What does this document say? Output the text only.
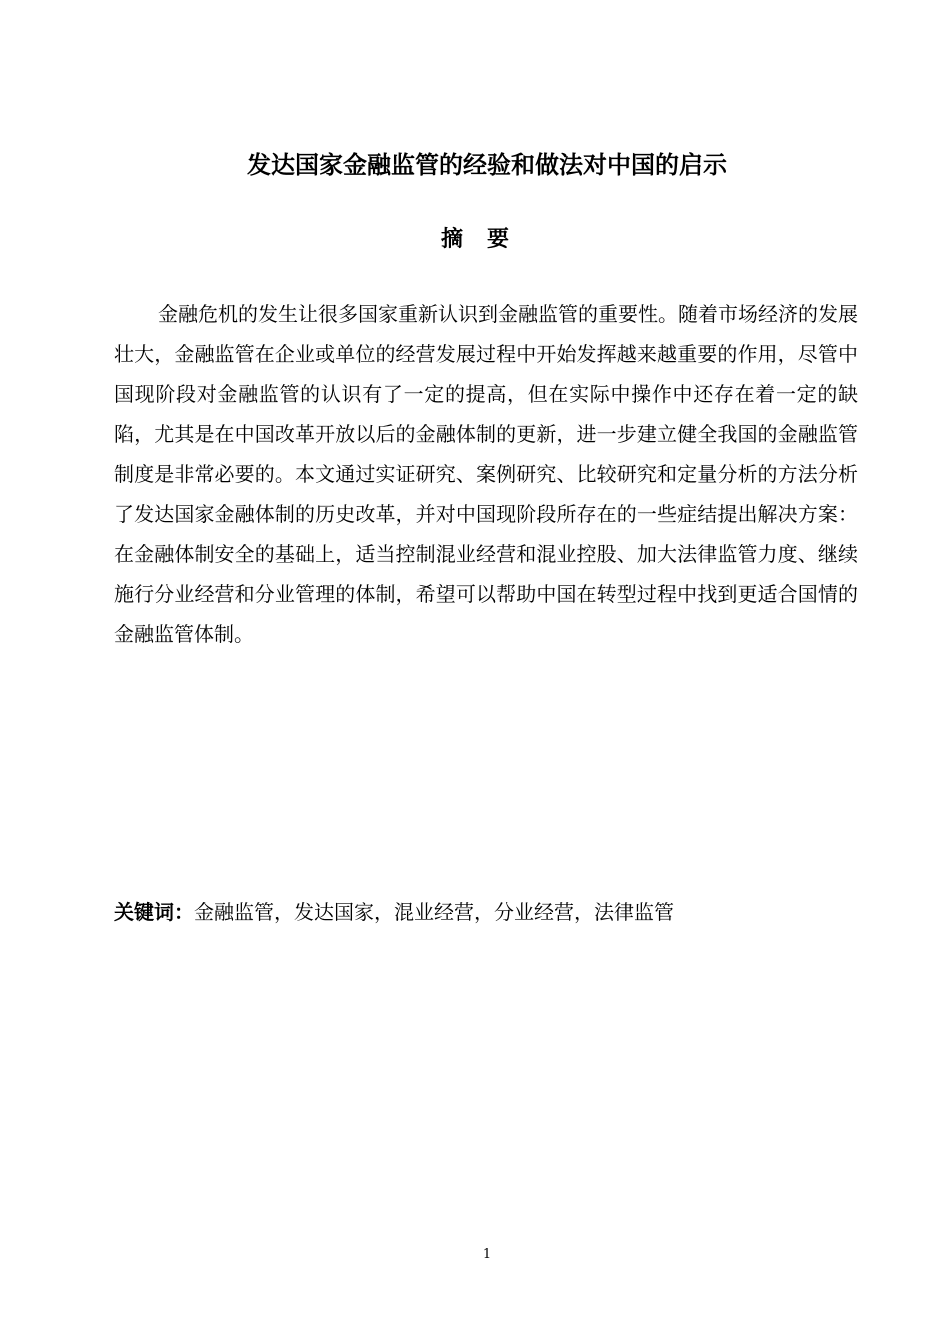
发达国家金融监管的经验和做法对中国的启示
摘要

金融危机的发生让很多国家重新认识到金融监管的重要性。随着市场经济的发展壮大，金融监管在企业或单位的经营发展过程中开始发挥越来越重要的作用，尽管中国现阶段对金融监管的认识有了一定的提高，但在实际中操作中还存在着一定的缺陷，尤其是在中国改革开放以后的金融体制的更新，进一步建立健全我国的金融监管制度是非常必要的。本文通过实证研究、案例研究、比较研究和定量分析的方法分析了发达国家金融体制的历史改革，并对中国现阶段所存在的一些症结提出解决方案：在金融体制安全的基础上，适当控制混业经营和混业控股、加大法律监管力度、继续施行分业经营和分业管理的体制，希望可以帮助中国在转型过程中找到更适合国情的金融监管体制。

关键词：金融监管，发达国家，混业经营，分业经营，法律监管

1
